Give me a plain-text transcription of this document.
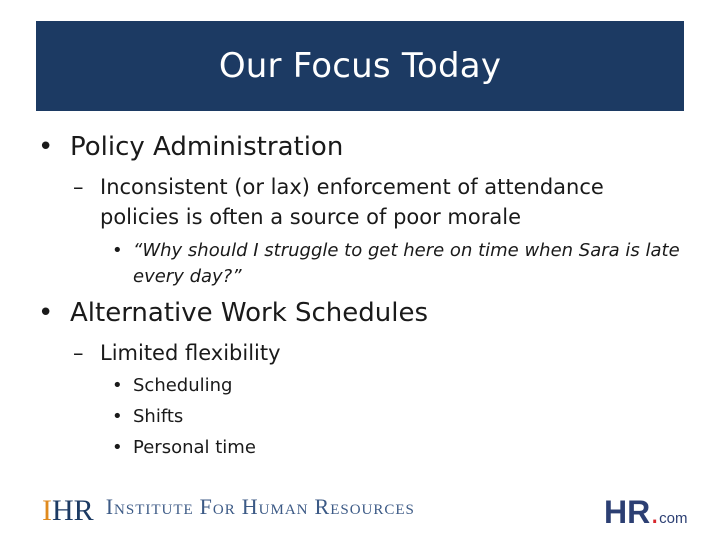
Our Focus Today
• Policy Administration
– Inconsistent (or lax) enforcement of attendance policies is often a source of poor morale
• “Why should I struggle to get here on time when Sara is late every day?”
• Alternative Work Schedules
– Limited flexibility
• Scheduling
• Shifts
• Personal time
I H R INSTITUTE FOR HUMAN RESOURCES	HR . com
